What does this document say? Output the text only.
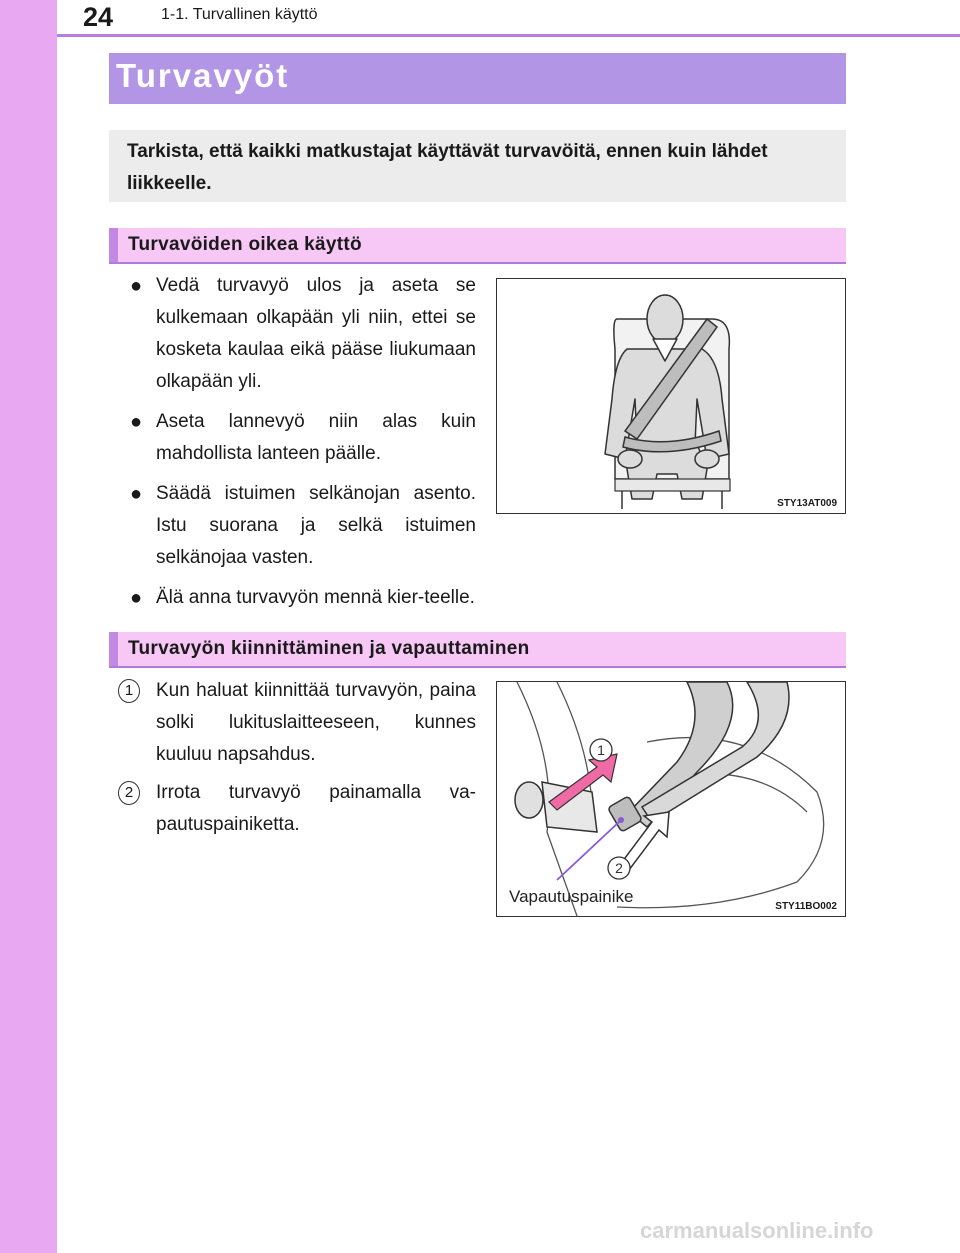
24	1-1. Turvallinen käyttö
Turvavyöt
Tarkista, että kaikki matkustajat käyttävät turvavöitä, ennen kuin lähdet liikkeelle.
Turvavöiden oikea käyttö
● Vedä turvavyö ulos ja aseta se kulkemaan olkapään yli niin, ettei se kosketa kaulaa eikä pääse liukumaan olkapään yli.
● Aseta lannevyö niin alas kuin mahdollista lanteen päälle.
● Säädä istuimen selkänojan asento. Istu suorana ja selkä istuimen selkänojaa vasten.
● Älä anna turvavyön mennä kier-teelle.
STY13AT009
Turvavyön kiinnittäminen ja vapauttaminen
1	Kun haluat kiinnittää turvavyön, paina solki lukituslaitteeseen, kunnes kuuluu napsahdus.
2	Irrota turvavyö painamalla va-pautuspainiketta.
1
2
Vapautuspainike
STY11BO002
carmanualsonline.info
